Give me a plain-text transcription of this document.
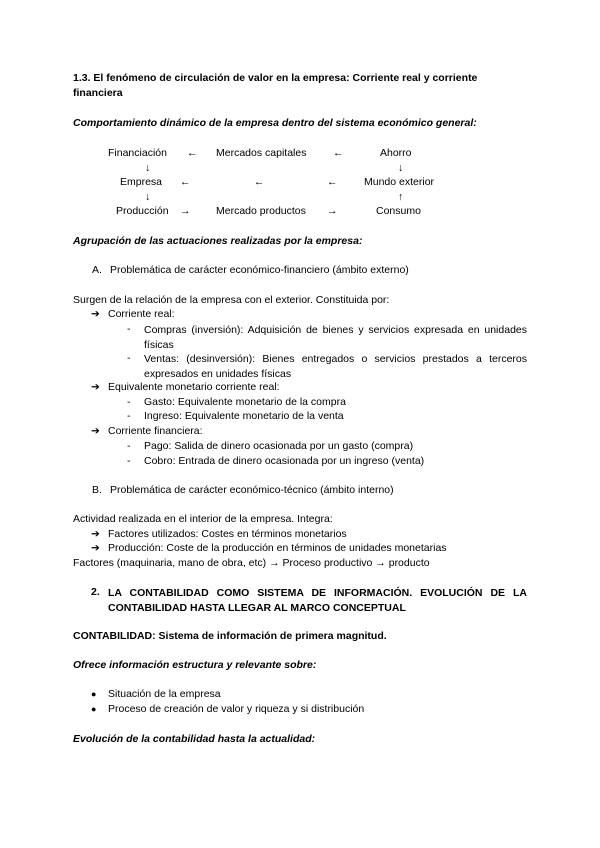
1.3. El fenómeno de circulación de valor en la empresa: Corriente real y corriente
financiera
Comportamiento dinámico de la empresa dentro del sistema económico general:
Financiación ← Mercados capitales	←	Ahorro
↓	↓
Empresa ←	←	←	Mundo exterior
↓	↑
Producción → Mercado productos →	Consumo
Agrupación de las actuaciones realizadas por la empresa:
A. Problemática de carácter económico-financiero (ámbito externo)
Surgen de la relación de la empresa con el exterior. Constituida por:
➔ Corriente real:
- Compras (inversión): Adquisición de bienes y servicios expresada en unidades físicas
- Ventas: (desinversión): Bienes entregados o servicios prestados a terceros expresados en unidades físicas
➔ Equivalente monetario corriente real:
- Gasto: Equivalente monetario de la compra
- Ingreso: Equivalente monetario de la venta
➔ Corriente financiera:
- Pago: Salida de dinero ocasionada por un gasto (compra)
- Cobro: Entrada de dinero ocasionada por un ingreso (venta)
B. Problemática de carácter económico-técnico (ámbito interno)
Actividad realizada en el interior de la empresa. Integra:
➔ Factores utilizados: Costes en términos monetarios
➔ Producción: Coste de la producción en términos de unidades monetarias
Factores (maquinaria, mano de obra, etc) → Proceso productivo → producto
2. LA CONTABILIDAD COMO SISTEMA DE INFORMACIÓN. EVOLUCIÓN DE LA CONTABILIDAD HASTA LLEGAR AL MARCO CONCEPTUAL
CONTABILIDAD: Sistema de información de primera magnitud.
Ofrece información estructura y relevante sobre:
● Situación de la empresa
● Proceso de creación de valor y riqueza y si distribución
Evolución de la contabilidad hasta la actualidad:
